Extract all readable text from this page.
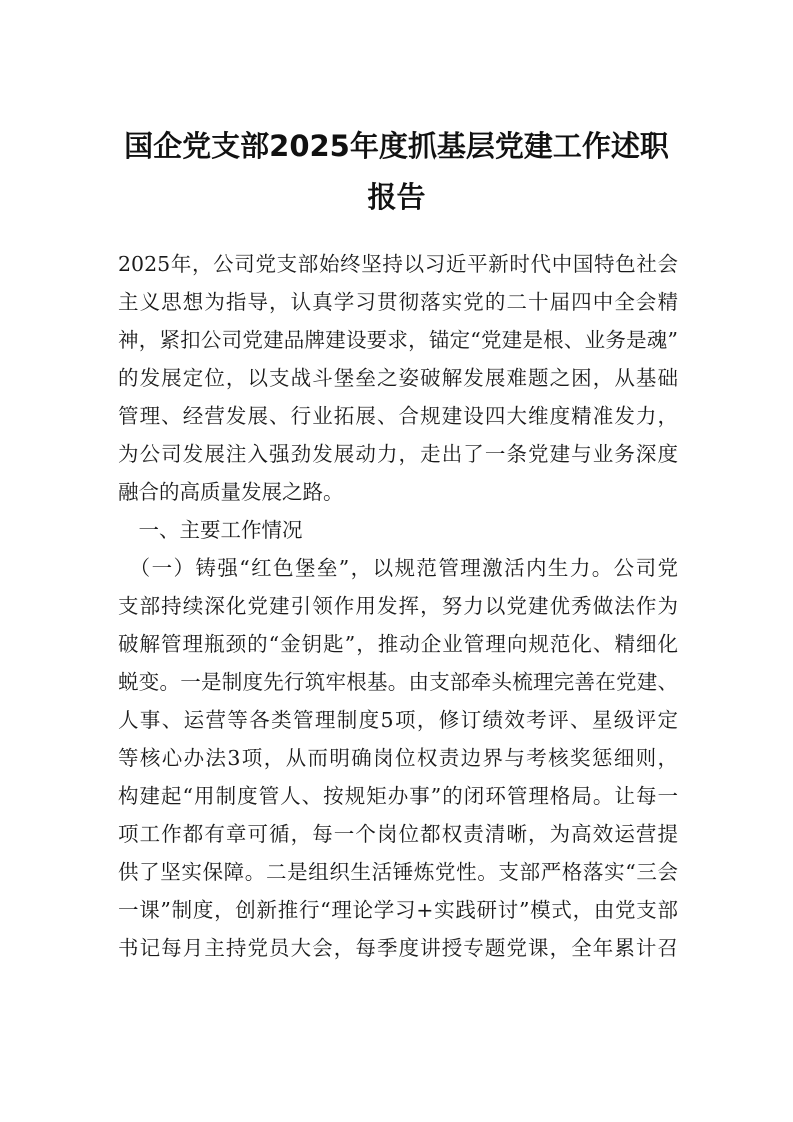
国企党支部2025年度抓基层党建工作述职
报告
2025年，公司党支部始终坚持以习近平新时代中国特色社会
主义思想为指导，认真学习贯彻落实党的二十届四中全会精
神，紧扣公司党建品牌建设要求，锚定“党建是根、业务是魂”
的发展定位，以支战斗堡垒之姿破解发展难题之困，从基础
管理、经营发展、行业拓展、合规建设四大维度精准发力，
为公司发展注入强劲发展动力，走出了一条党建与业务深度
融合的高质量发展之路。
　一、主要工作情况
　（一）铸强“红色堡垒”，以规范管理激活内生力。公司党
支部持续深化党建引领作用发挥，努力以党建优秀做法作为
破解管理瓶颈的“金钥匙”，推动企业管理向规范化、精细化
蜕变。一是制度先行筑牢根基。由支部牵头梳理完善在党建、
人事、运营等各类管理制度5项，修订绩效考评、星级评定
等核心办法3项，从而明确岗位权责边界与考核奖惩细则，
构建起“用制度管人、按规矩办事”的闭环管理格局。让每一
项工作都有章可循，每一个岗位都权责清晰，为高效运营提
供了坚实保障。二是组织生活锤炼党性。支部严格落实“三会
一课”制度，创新推行“理论学习+实践研讨”模式，由党支部
书记每月主持党员大会，每季度讲授专题党课，全年累计召
